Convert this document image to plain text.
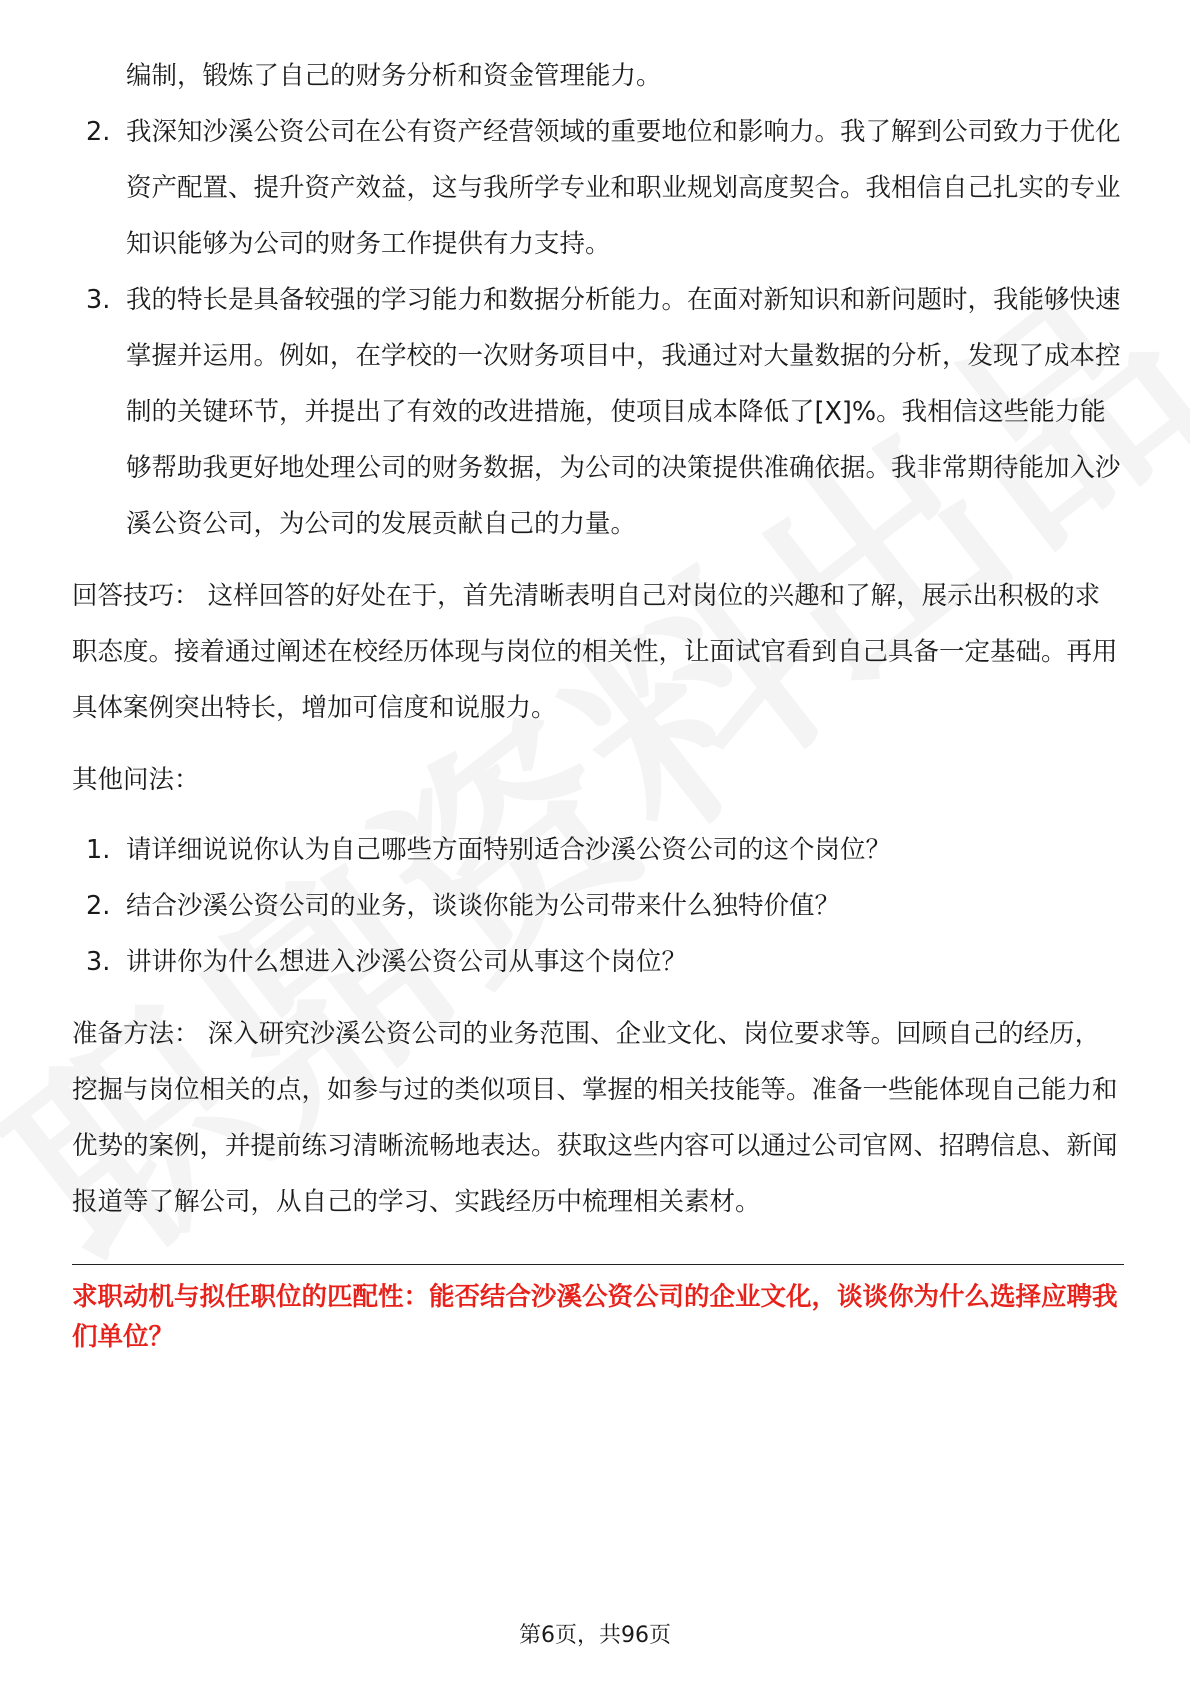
编制，锻炼了自己的财务分析和资金管理能力。

2. 我深知沙溪公资公司在公有资产经营领域的重要地位和影响力。我了解到公司致力于优化资产配置、提升资产效益，这与我所学专业和职业规划高度契合。我相信自己扎实的专业知识能够为公司的财务工作提供有力支持。
3. 我的特长是具备较强的学习能力和数据分析能力。在面对新知识和新问题时，我能够快速掌握并运用。例如，在学校的一次财务项目中，我通过对大量数据的分析，发现了成本控制的关键环节，并提出了有效的改进措施，使项目成本降低了[X]%。我相信这些能力能够帮助我更好地处理公司的财务数据，为公司的决策提供准确依据。我非常期待能加入沙溪公资公司，为公司的发展贡献自己的力量。

回答技巧： 这样回答的好处在于，首先清晰表明自己对岗位的兴趣和了解，展示出积极的求职态度。接着通过阐述在校经历体现与岗位的相关性，让面试官看到自己具备一定基础。再用具体案例突出特长，增加可信度和说服力。

其他问法：

1. 请详细说说你认为自己哪些方面特别适合沙溪公资公司的这个岗位？
2. 结合沙溪公资公司的业务，谈谈你能为公司带来什么独特价值？
3. 讲讲你为什么想进入沙溪公资公司从事这个岗位？

准备方法： 深入研究沙溪公资公司的业务范围、企业文化、岗位要求等。回顾自己的经历，挖掘与岗位相关的点，如参与过的类似项目、掌握的相关技能等。准备一些能体现自己能力和优势的案例，并提前练习清晰流畅地表达。获取这些内容可以通过公司官网、招聘信息、新闻报道等了解公司，从自己的学习、实践经历中梳理相关素材。

求职动机与拟任职位的匹配性：能否结合沙溪公资公司的企业文化，谈谈你为什么选择应聘我们单位？

第6页，共96页
